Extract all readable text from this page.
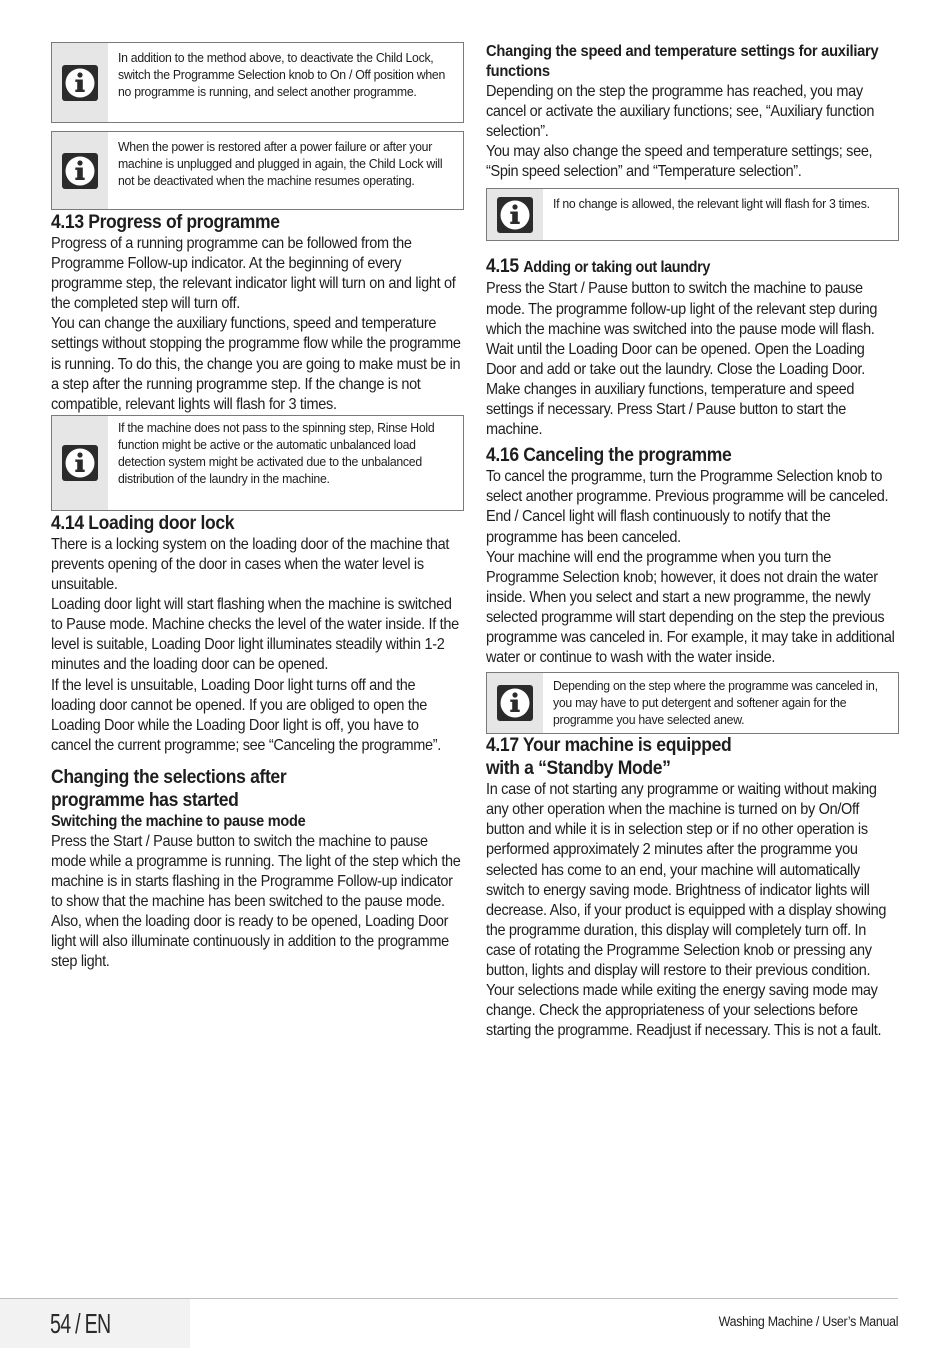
In addition to the method above, to deactivate the Child Lock, switch the Programme Selection knob to On / Off position when no programme is running, and select another programme.
When the power is restored after a power failure or after your machine is unplugged and plugged in again, the Child Lock will not be deactivated when the machine resumes operating.
4.13 Progress of programme

Progress of a running programme can be followed from the Programme Follow-up indicator. At the beginning of every programme step, the relevant indicator light will turn on and light of the completed step will turn off.

You can change the auxiliary functions, speed and temperature settings without stopping the programme flow while the programme is running. To do this, the change you are going to make must be in a step after the running programme step. If the change is not compatible, relevant lights will flash for 3 times.

If the machine does not pass to the spinning step, Rinse Hold function might be active or the automatic unbalanced load detection system might be activated due to the unbalanced distribution of the laundry in the machine.
4.14 Loading door lock

There is a locking system on the loading door of the machine that prevents opening of the door in cases when the water level is unsuitable.

Loading door light will start flashing when the machine is switched to Pause mode. Machine checks the level of the water inside. If the level is suitable, Loading Door light illuminates steadily within 1-2 minutes and the loading door can be opened.

If the level is unsuitable, Loading Door light turns off and the loading door cannot be opened. If you are obliged to open the Loading Door while the Loading Door light is off, you have to cancel the current programme; see “Canceling the programme”.

Changing the selections after
programme has started
Switching the machine to pause mode

Press the Start / Pause button to switch the machine to pause mode while a programme is running. The light of the step which the machine is in starts flashing in the Programme Follow-up indicator to show that the machine has been switched to the pause mode.

Also, when the loading door is ready to be opened, Loading Door light will also illuminate continuously in addition to the programme step light.

Changing the speed and temperature settings for auxiliary functions

Depending on the step the programme has reached, you may cancel or activate the auxiliary functions; see, “Auxiliary function selection”.

You may also change the speed and temperature settings; see, “Spin speed selection” and “Temperature selection”.

If no change is allowed, the relevant light will flash for 3 times.
4.15 Adding or taking out laundry

Press the Start / Pause button to switch the machine to pause mode. The programme follow-up light of the relevant step during which the machine was switched into the pause mode will flash. Wait until the Loading Door can be opened. Open the Loading Door and add or take out the laundry. Close the Loading Door. Make changes in auxiliary functions, temperature and speed settings if necessary. Press Start / Pause button to start the machine.

4.16 Canceling the programme

To cancel the programme, turn the Programme Selection knob to select another programme. Previous programme will be canceled. End / Cancel light will flash continuously to notify that the programme has been canceled.

Your machine will end the programme when you turn the Programme Selection knob; however, it does not drain the water inside. When you select and start a new programme, the newly selected programme will start depending on the step the previous programme was canceled in. For example, it may take in additional water or continue to wash with the water inside.

Depending on the step where the programme was canceled in, you may have to put detergent and softener again for the programme you have selected anew.
4.17 Your machine is equipped
with a “Standby Mode”

In case of not starting any programme or waiting without making any other operation when the machine is turned on by On/Off button and while it is in selection step or if no other operation is performed approximately 2 minutes after the programme you selected has come to an end, your machine will automatically switch to energy saving mode. Brightness of indicator lights will decrease. Also, if your product is equipped with a display showing the programme duration, this display will completely turn off. In case of rotating the Programme Selection knob or pressing any button, lights and display will restore to their previous condition. Your selections made while exiting the energy saving mode may change. Check the appropriateness of your selections before starting the programme. Readjust if necessary. This is not a fault.

54 / EN	Washing Machine / User’s Manual
